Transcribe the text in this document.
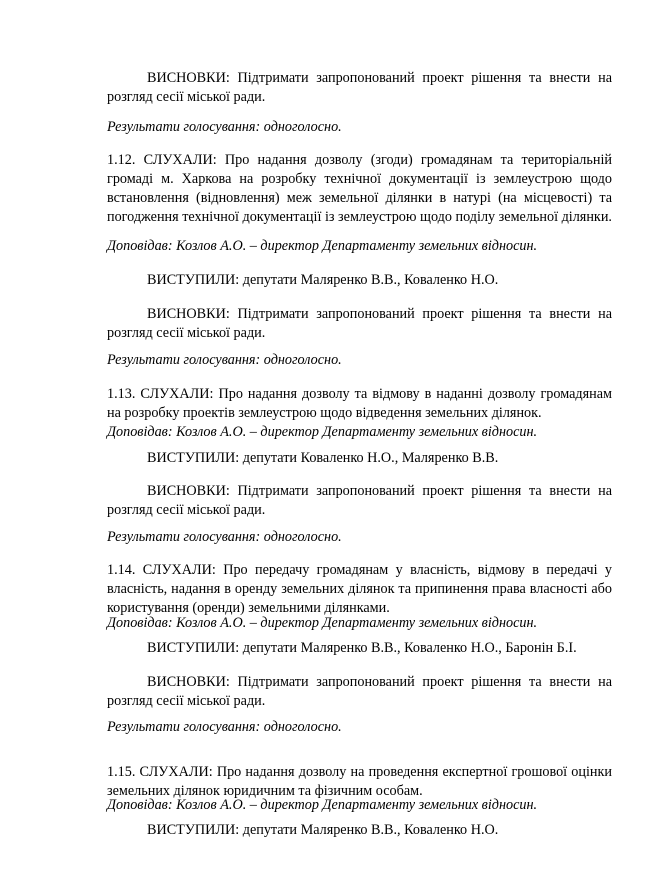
ВИСНОВКИ: Підтримати запропонований проект рішення та внести на розгляд сесії міської ради.

Результати голосування: одноголосно.

1.12. СЛУХАЛИ: Про надання дозволу (згоди) громадянам та територіальній громаді м. Харкова на розробку технічної документації із землеустрою щодо встановлення (відновлення) меж земельної ділянки в натурі (на місцевості) та погодження технічної документації із землеустрою щодо поділу земельної ділянки.

Доповідав: Козлов А.О. – директор Департаменту земельних відносин.

ВИСТУПИЛИ: депутати Маляренко В.В., Коваленко Н.О.

ВИСНОВКИ: Підтримати запропонований проект рішення та внести на розгляд сесії міської ради.

Результати голосування: одноголосно.

1.13. СЛУХАЛИ: Про надання дозволу та відмову в наданні дозволу громадянам на розробку проектів землеустрою щодо відведення земельних ділянок.

Доповідав: Козлов А.О. – директор Департаменту земельних відносин.

ВИСТУПИЛИ: депутати Коваленко Н.О., Маляренко В.В.

ВИСНОВКИ: Підтримати запропонований проект рішення та внести на розгляд сесії міської ради.

Результати голосування: одноголосно.

1.14. СЛУХАЛИ: Про передачу громадянам у власність, відмову в передачі у власність, надання в оренду земельних ділянок та припинення права власності або користування (оренди) земельними ділянками.

Доповідав: Козлов А.О. – директор Департаменту земельних відносин.

ВИСТУПИЛИ: депутати Маляренко В.В., Коваленко Н.О., Баронін Б.І.

ВИСНОВКИ: Підтримати запропонований проект рішення та внести на розгляд сесії міської ради.

Результати голосування: одноголосно.

1.15. СЛУХАЛИ: Про надання дозволу на проведення експертної грошової оцінки земельних ділянок юридичним та фізичним особам.

Доповідав: Козлов А.О. – директор Департаменту земельних відносин.

ВИСТУПИЛИ: депутати Маляренко В.В., Коваленко Н.О.
